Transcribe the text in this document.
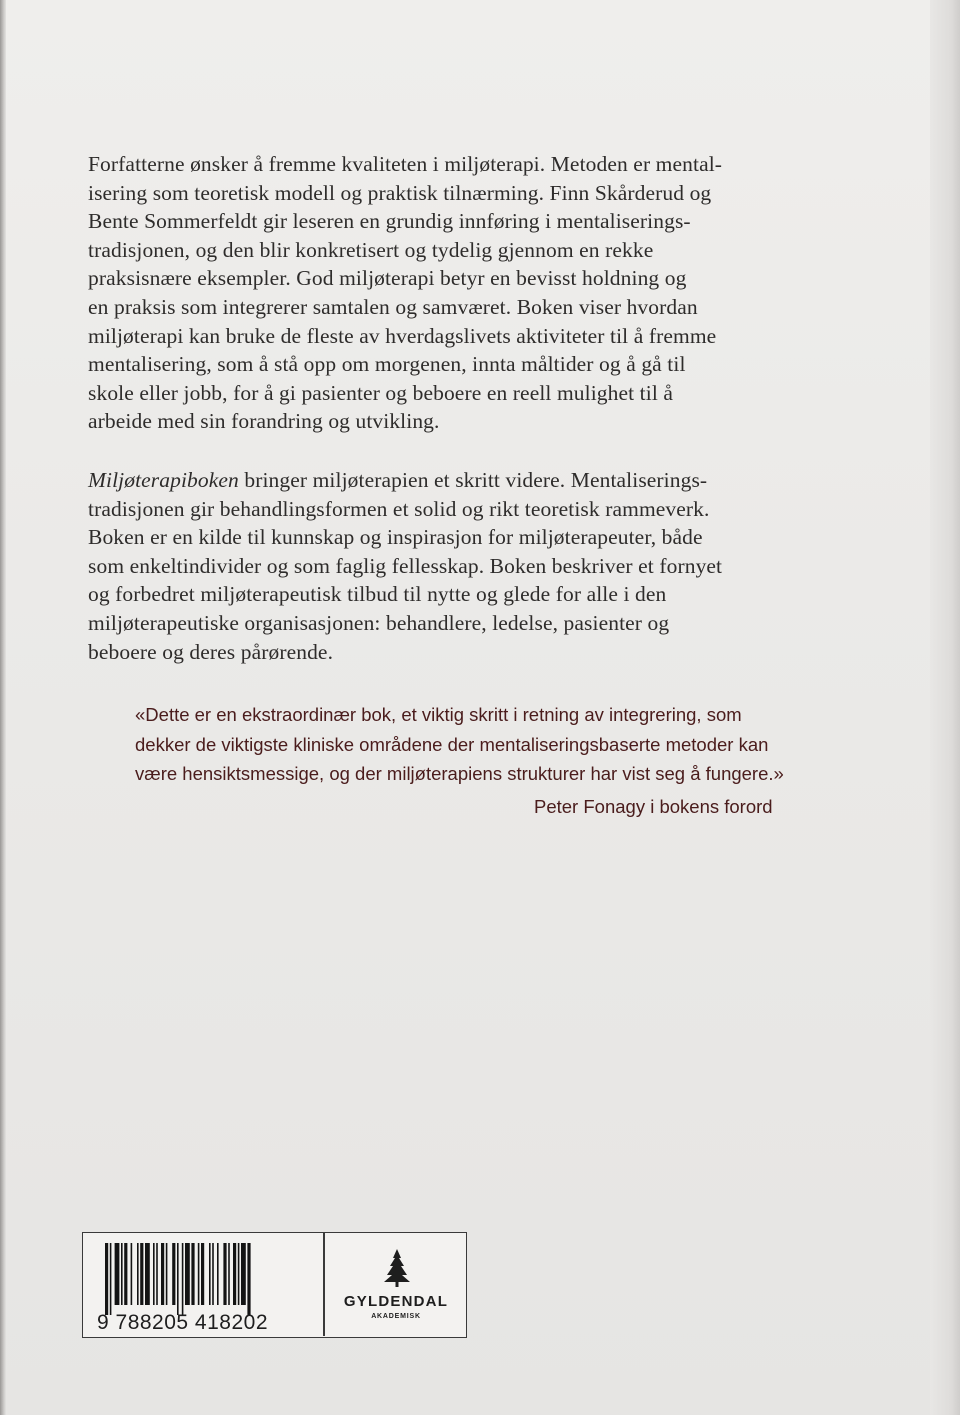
Forfatterne ønsker å fremme kvaliteten i miljøterapi. Metoden er mental-
isering som teoretisk modell og praktisk tilnærming. Finn Skårderud og
Bente Sommerfeldt gir leseren en grundig innføring i mentaliserings-
tradisjonen, og den blir konkretisert og tydelig gjennom en rekke
praksisnære eksempler. God miljøterapi betyr en bevisst holdning og
en praksis som integrerer samtalen og samværet. Boken viser hvordan
miljøterapi kan bruke de fleste av hverdagslivets aktiviteter til å fremme
mentalisering, som å stå opp om morgenen, innta måltider og å gå til
skole eller jobb, for å gi pasienter og beboere en reell mulighet til å
arbeide med sin forandring og utvikling.
Miljøterapiboken bringer miljøterapien et skritt videre. Mentaliserings-
tradisjonen gir behandlingsformen et solid og rikt teoretisk rammeverk.
Boken er en kilde til kunnskap og inspirasjon for miljøterapeuter, både
som enkeltindivider og som faglig fellesskap. Boken beskriver et fornyet
og forbedret miljøterapeutisk tilbud til nytte og glede for alle i den
miljøterapeutiske organisasjonen: behandlere, ledelse, pasienter og
beboere og deres pårørende.
«Dette er en ekstraordinær bok, et viktig skritt i retning av integrering, som
dekker de viktigste kliniske områdene der mentaliseringsbaserte metoder kan
være hensiktsmessige, og der miljøterapiens strukturer har vist seg å fungere.»
Peter Fonagy i bokens forord
9 788205 418202
GYLDENDAL
AKADEMISK
